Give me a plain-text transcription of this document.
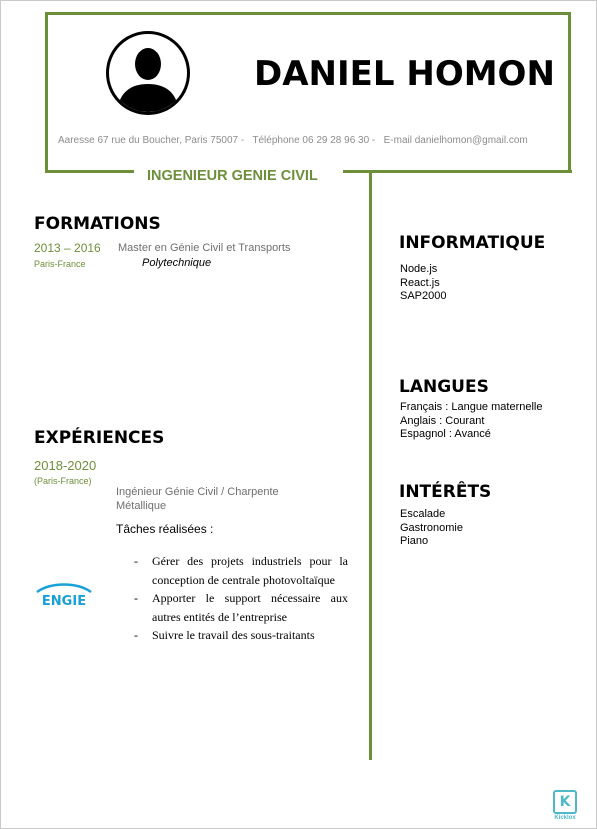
DANIEL HOMON
Aaresse 67 rue du Boucher, Paris 75007 - Téléphone 06 29 28 96 30 - E-mail danielhomon@gmail.com
INGENIEUR GENIE CIVIL
FORMATIONS
2013 – 2016 Master en Génie Civil et Transports
Paris-France	Polytechnique
EXPÉRIENCES
2018-2020
(Paris-France)
Ingénieur Génie Civil / Charpente
Métallique
Tâches réalisées :
- Gérer des projets industriels pour la conception de centrale photovoltaïque
- Apporter le support nécessaire aux autres entités de l’entreprise
- Suivre le travail des sous-traitants
ENGIE
INFORMATIQUE
Node.js
React.js
SAP2000
LANGUES
Français : Langue maternelle
Anglais : Courant
Espagnol : Avancé
INTÉRÊTS
Escalade
Gastronomie
Piano
K
Kicklox
